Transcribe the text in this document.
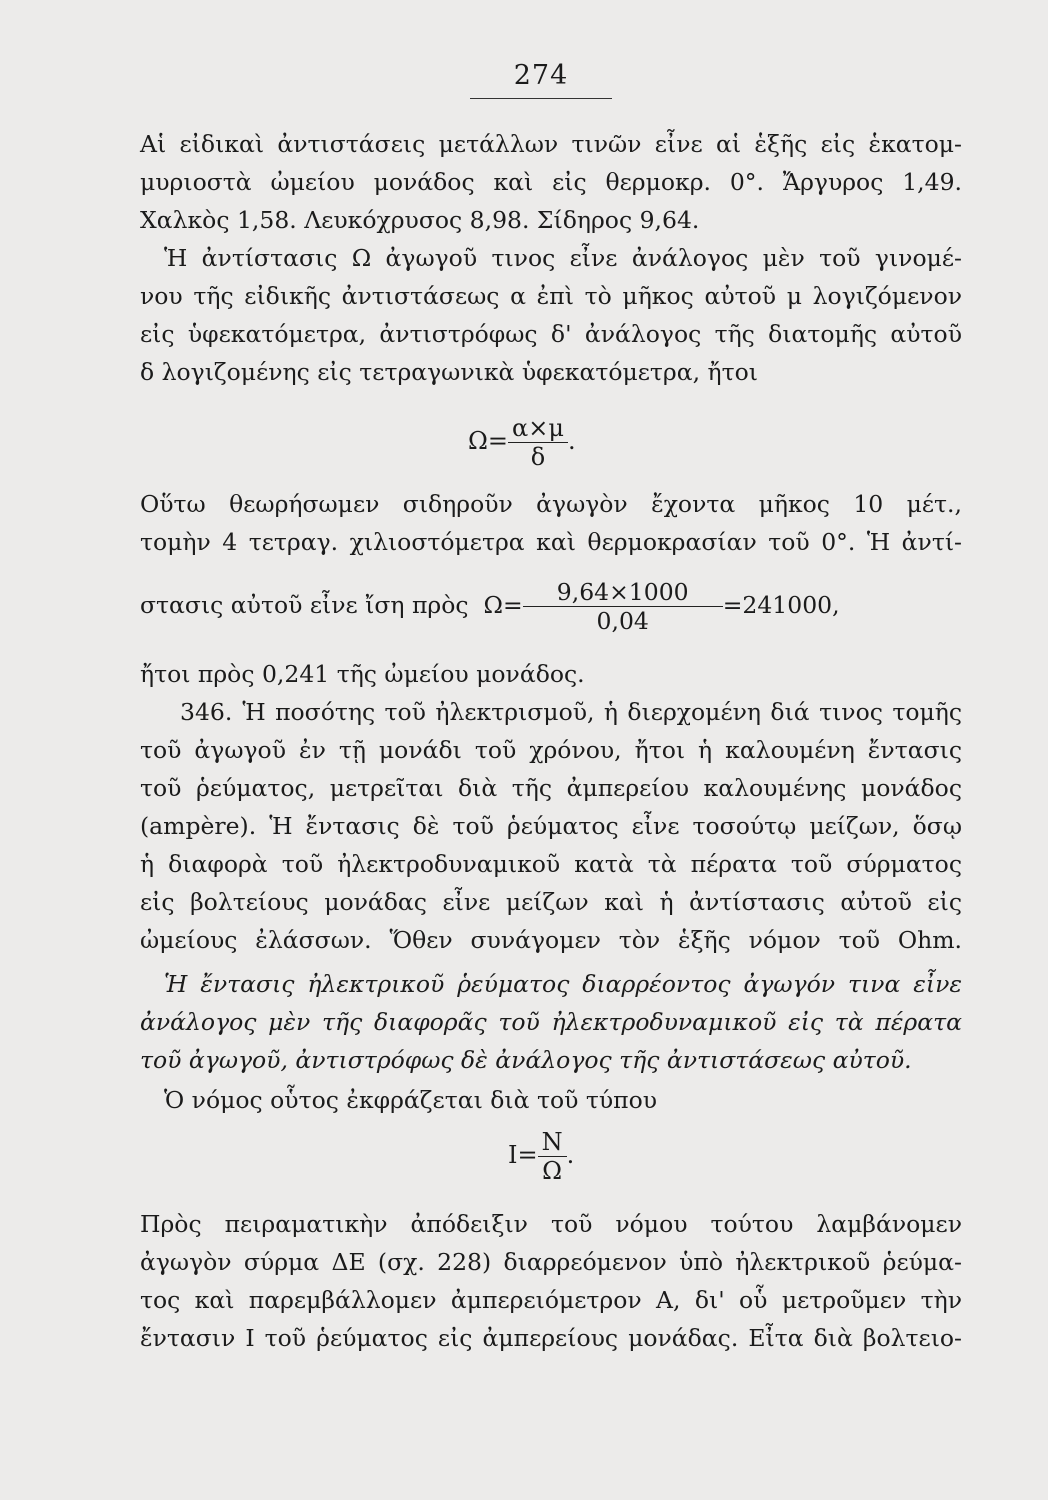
274
Αἱ εἰδικαὶ ἀντιστάσεις μετάλλων τινῶν εἶνε αἱ ἑξῆς εἰς ἑκατομ-
μυριοστὰ ὠμείου μονάδος καὶ εἰς θερμοκρ. 0°. Ἄργυρος 1,49.
Χαλκὸς 1,58. Λευκόχρυσος 8,98. Σίδηρος 9,64.
Ἡ ἀντίστασις Ω ἀγωγοῦ τινος εἶνε ἀνάλογος μὲν τοῦ γινομέ-
νου τῆς εἰδικῆς ἀντιστάσεως α ἐπὶ τὸ μῆκος αὐτοῦ μ λογιζόμενον
εἰς ὑφεκατόμετρα, ἀντιστρόφως δ' ἀνάλογος τῆς διατομῆς αὐτοῦ
δ λογιζομένης εἰς τετραγωνικὰ ὑφεκατόμετρα, ἤτοι
$\Omega= \frac{\alpha\times\mu}{\delta}$ .
Οὕτω θεωρήσωμεν σιδηροῦν ἀγωγὸν ἔχοντα μῆκος 10 μέτ.,
τομὴν 4 τετραγ. χιλιοστόμετρα καὶ θερμοκρασίαν τοῦ 0°. Ἡ ἀντί-
στασις αὐτοῦ εἶνε ἴση πρὸς $\Omega= \frac{9,64\times 1000}{0,04} =241000$,
ἤτοι πρὸς 0,241 τῆς ὠμείου μονάδος.
346. Ἡ ποσότης τοῦ ἠλεκτρισμοῦ, ἡ διερχομένη διά τινος τομῆς
τοῦ ἀγωγοῦ ἐν τῇ μονάδι τοῦ χρόνου, ἤτοι ἡ καλουμένη ἔντασις
τοῦ ῥεύματος, μετρεῖται διὰ τῆς ἀμπερείου καλουμένης μονάδος
(ampère). Ἡ ἔντασις δὲ τοῦ ῥεύματος εἶνε τοσούτῳ μείζων, ὅσῳ
ἡ διαφορὰ τοῦ ἠλεκτροδυναμικοῦ κατὰ τὰ πέρατα τοῦ σύρματος
εἰς βολτείους μονάδας εἶνε μείζων καὶ ἡ ἀντίστασις αὐτοῦ εἰς
ὠμείους ἐλάσσων. Ὅθεν συνάγομεν τὸν ἑξῆς νόμον τοῦ Ohm.
Ἡ ἔντασις ἠλεκτρικοῦ ῥεύματος διαρρέοντος ἀγωγόν τινα εἶνε
ἀνάλογος μὲν τῆς διαφορᾶς τοῦ ἠλεκτροδυναμικοῦ εἰς τὰ πέρατα
τοῦ ἀγωγοῦ, ἀντιστρόφως δὲ ἀνάλογος τῆς ἀντιστάσεως αὐτοῦ.
Ὁ νόμος οὗτος ἐκφράζεται διὰ τοῦ τύπου
$I= \frac{N}{\Omega}$ .
Πρὸς πειραματικὴν ἀπόδειξιν τοῦ νόμου τούτου λαμβάνομεν
ἀγωγὸν σύρμα ΔΕ (σχ. 228) διαρρεόμενον ὑπὸ ἠλεκτρικοῦ ῥεύμα-
τος καὶ παρεμβάλλομεν ἀμπερειόμετρον Α, δι' οὗ μετροῦμεν τὴν
ἔντασιν Ι τοῦ ῥεύματος εἰς ἀμπερείους μονάδας. Εἶτα διὰ βολτειο-
